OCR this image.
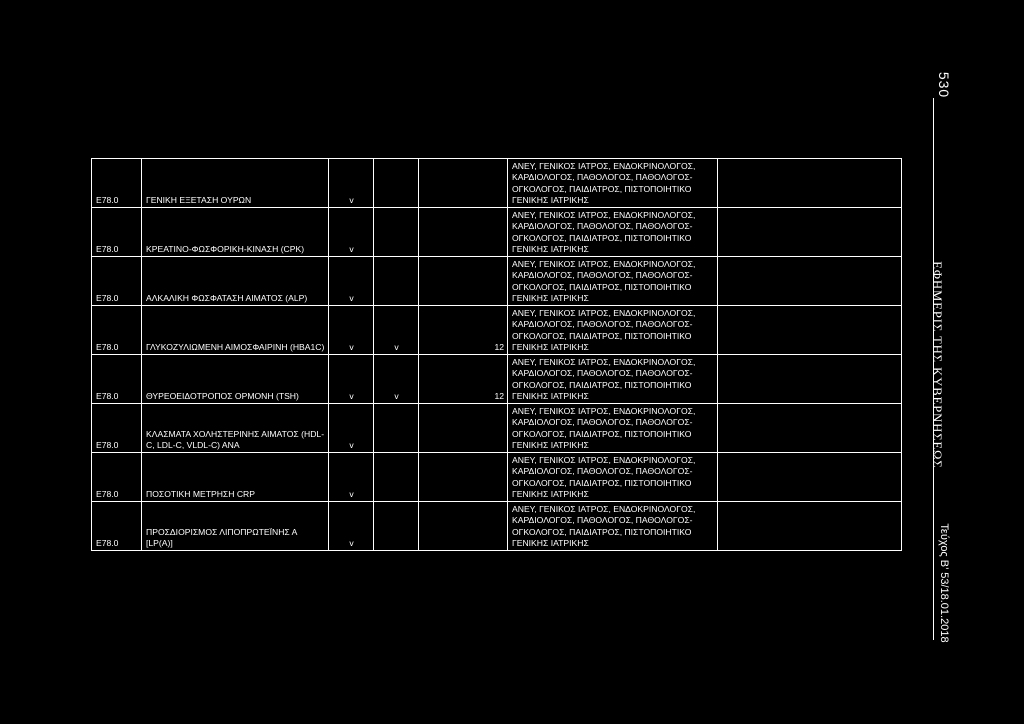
E78.0	ΓΕΝΙΚΗ ΕΞΕΤΑΣΗ ΟΥΡΩΝ	v			ΑΝΕΥ, ΓΕΝΙΚΟΣ ΙΑΤΡΟΣ, ΕΝΔΟΚΡΙΝΟΛΟΓΟΣ, ΚΑΡΔΙΟΛΟΓΟΣ, ΠΑΘΟΛΟΓΟΣ, ΠΑΘΟΛΟΓΟΣ-ΟΓΚΟΛΟΓΟΣ, ΠΑΙΔΙΑΤΡΟΣ, ΠΙΣΤΟΠΟΙΗΤΙΚΟ ΓΕΝΙΚΗΣ ΙΑΤΡΙΚΗΣ	
E78.0	ΚΡΕΑΤΙΝΟ-ΦΩΣΦΟΡΙΚΗ-ΚΙΝΑΣΗ (CPK)	v			ΑΝΕΥ, ΓΕΝΙΚΟΣ ΙΑΤΡΟΣ, ΕΝΔΟΚΡΙΝΟΛΟΓΟΣ, ΚΑΡΔΙΟΛΟΓΟΣ, ΠΑΘΟΛΟΓΟΣ, ΠΑΘΟΛΟΓΟΣ-ΟΓΚΟΛΟΓΟΣ, ΠΑΙΔΙΑΤΡΟΣ, ΠΙΣΤΟΠΟΙΗΤΙΚΟ ΓΕΝΙΚΗΣ ΙΑΤΡΙΚΗΣ	
E78.0	ΑΛΚΑΛΙΚΗ ΦΩΣΦΑΤΑΣΗ ΑΙΜΑΤΟΣ (ALP)	v			ΑΝΕΥ, ΓΕΝΙΚΟΣ ΙΑΤΡΟΣ, ΕΝΔΟΚΡΙΝΟΛΟΓΟΣ, ΚΑΡΔΙΟΛΟΓΟΣ, ΠΑΘΟΛΟΓΟΣ, ΠΑΘΟΛΟΓΟΣ-ΟΓΚΟΛΟΓΟΣ, ΠΑΙΔΙΑΤΡΟΣ, ΠΙΣΤΟΠΟΙΗΤΙΚΟ ΓΕΝΙΚΗΣ ΙΑΤΡΙΚΗΣ	
E78.0	ΓΛΥΚΟΖΥΛΙΩΜΕΝΗ ΑΙΜΟΣΦΑΙΡΙΝΗ (HBA1C)	v	v	12	ΑΝΕΥ, ΓΕΝΙΚΟΣ ΙΑΤΡΟΣ, ΕΝΔΟΚΡΙΝΟΛΟΓΟΣ, ΚΑΡΔΙΟΛΟΓΟΣ, ΠΑΘΟΛΟΓΟΣ, ΠΑΘΟΛΟΓΟΣ-ΟΓΚΟΛΟΓΟΣ, ΠΑΙΔΙΑΤΡΟΣ, ΠΙΣΤΟΠΟΙΗΤΙΚΟ ΓΕΝΙΚΗΣ ΙΑΤΡΙΚΗΣ	
E78.0	ΘΥΡΕΟΕΙΔΟΤΡΟΠΟΣ ΟΡΜΟΝΗ (TSH)	v	v	12	ΑΝΕΥ, ΓΕΝΙΚΟΣ ΙΑΤΡΟΣ, ΕΝΔΟΚΡΙΝΟΛΟΓΟΣ, ΚΑΡΔΙΟΛΟΓΟΣ, ΠΑΘΟΛΟΓΟΣ, ΠΑΘΟΛΟΓΟΣ-ΟΓΚΟΛΟΓΟΣ, ΠΑΙΔΙΑΤΡΟΣ, ΠΙΣΤΟΠΟΙΗΤΙΚΟ ΓΕΝΙΚΗΣ ΙΑΤΡΙΚΗΣ	
E78.0	ΚΛΑΣΜΑΤΑ ΧΟΛΗΣΤΕΡΙΝΗΣ ΑΙΜΑΤΟΣ (HDL-C, LDL-C, VLDL-C) ΑΝΑ	v			ΑΝΕΥ, ΓΕΝΙΚΟΣ ΙΑΤΡΟΣ, ΕΝΔΟΚΡΙΝΟΛΟΓΟΣ, ΚΑΡΔΙΟΛΟΓΟΣ, ΠΑΘΟΛΟΓΟΣ, ΠΑΘΟΛΟΓΟΣ-ΟΓΚΟΛΟΓΟΣ, ΠΑΙΔΙΑΤΡΟΣ, ΠΙΣΤΟΠΟΙΗΤΙΚΟ ΓΕΝΙΚΗΣ ΙΑΤΡΙΚΗΣ	
E78.0	ΠΟΣΟΤΙΚΗ ΜΕΤΡΗΣΗ CRP	v			ΑΝΕΥ, ΓΕΝΙΚΟΣ ΙΑΤΡΟΣ, ΕΝΔΟΚΡΙΝΟΛΟΓΟΣ, ΚΑΡΔΙΟΛΟΓΟΣ, ΠΑΘΟΛΟΓΟΣ, ΠΑΘΟΛΟΓΟΣ-ΟΓΚΟΛΟΓΟΣ, ΠΑΙΔΙΑΤΡΟΣ, ΠΙΣΤΟΠΟΙΗΤΙΚΟ ΓΕΝΙΚΗΣ ΙΑΤΡΙΚΗΣ	
E78.0	ΠΡΟΣΔΙΟΡΙΣΜΟΣ ΛΙΠΟΠΡΩΤΕΪΝΗΣ Α [LP(A)]	v			ΑΝΕΥ, ΓΕΝΙΚΟΣ ΙΑΤΡΟΣ, ΕΝΔΟΚΡΙΝΟΛΟΓΟΣ, ΚΑΡΔΙΟΛΟΓΟΣ, ΠΑΘΟΛΟΓΟΣ, ΠΑΘΟΛΟΓΟΣ-ΟΓΚΟΛΟΓΟΣ, ΠΑΙΔΙΑΤΡΟΣ, ΠΙΣΤΟΠΟΙΗΤΙΚΟ ΓΕΝΙΚΗΣ ΙΑΤΡΙΚΗΣ	
530
ΕΦΗΜΕΡΙΣ ΤΗΣ ΚΥΒΕΡΝΗΣΕΩΣ
Τεύχος Β’ 53/18.01.2018
